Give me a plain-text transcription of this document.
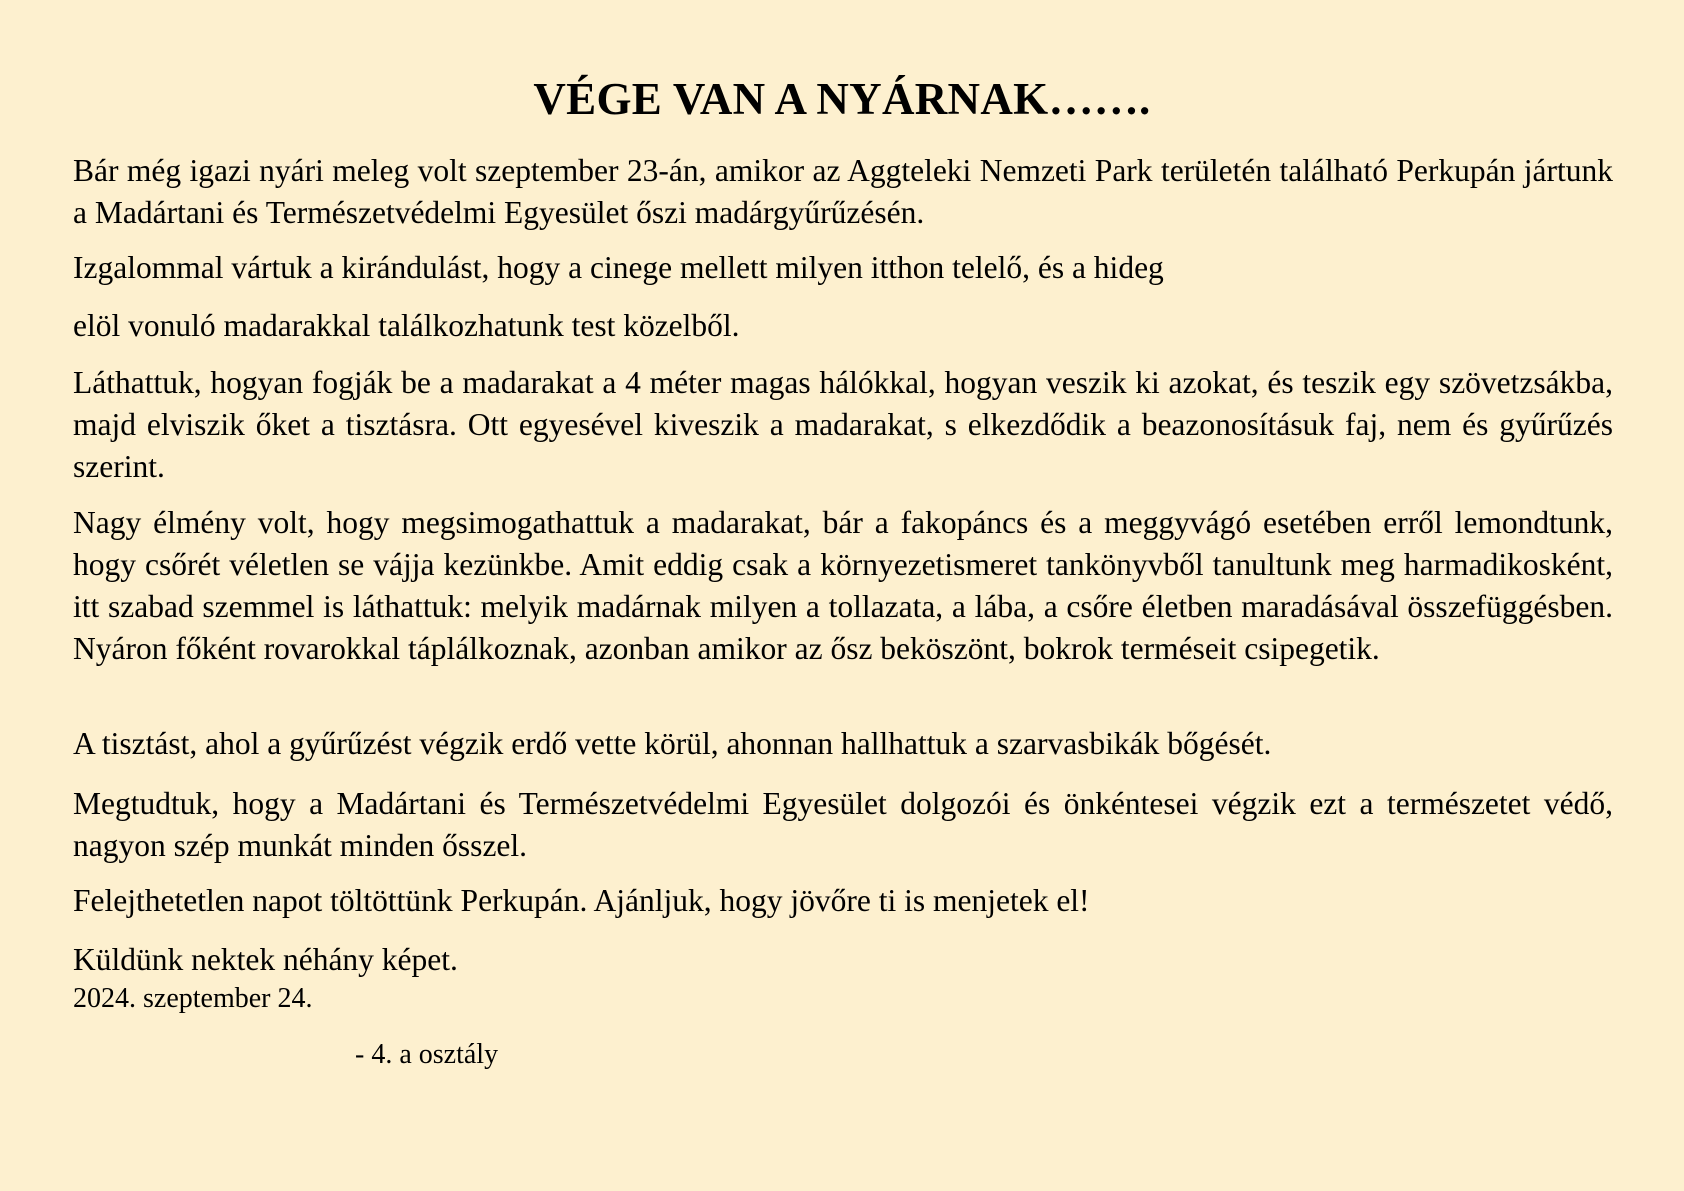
VÉGE VAN A NYÁRNAK…….

Bár még igazi nyári meleg volt szeptember 23-án, amikor az Aggteleki Nemzeti Park területén található Perkupán jártunk a Madártani és Természetvédelmi Egyesület őszi madárgyűrűzésén.

Izgalommal vártuk a kirándulást, hogy a cinege mellett milyen itthon telelő, és a hideg

elöl vonuló madarakkal találkozhatunk test közelből.

Láthattuk, hogyan fogják be a madarakat a 4 méter magas hálókkal, hogyan veszik ki azokat, és teszik egy szövetzsákba, majd elviszik őket a tisztásra. Ott egyesével kiveszik a madarakat, s elkezdődik a beazonosításuk faj, nem és gyűrűzés szerint.

Nagy élmény volt, hogy megsimogathattuk a madarakat, bár a fakopáncs és a meggyvágó esetében erről lemondtunk, hogy csőrét véletlen se vájja kezünkbe. Amit eddig csak a környezetismeret tankönyvből tanultunk meg harmadikosként, itt szabad szemmel is láthattuk: melyik madárnak milyen a tollazata, a lába, a csőre életben maradásával összefüggésben. Nyáron főként rovarokkal táplálkoznak, azonban amikor az ősz beköszönt, bokrok terméseit csipegetik.

A tisztást, ahol a gyűrűzést végzik erdő vette körül, ahonnan hallhattuk a szarvasbikák bőgését.

Megtudtuk, hogy a Madártani és Természetvédelmi Egyesület dolgozói és önkéntesei végzik ezt a természetet védő, nagyon szép munkát minden ősszel.

Felejthetetlen napot töltöttünk Perkupán. Ajánljuk, hogy jövőre ti is menjetek el!

Küldünk nektek néhány képet.

2024. szeptember 24.
- 4. a osztály
